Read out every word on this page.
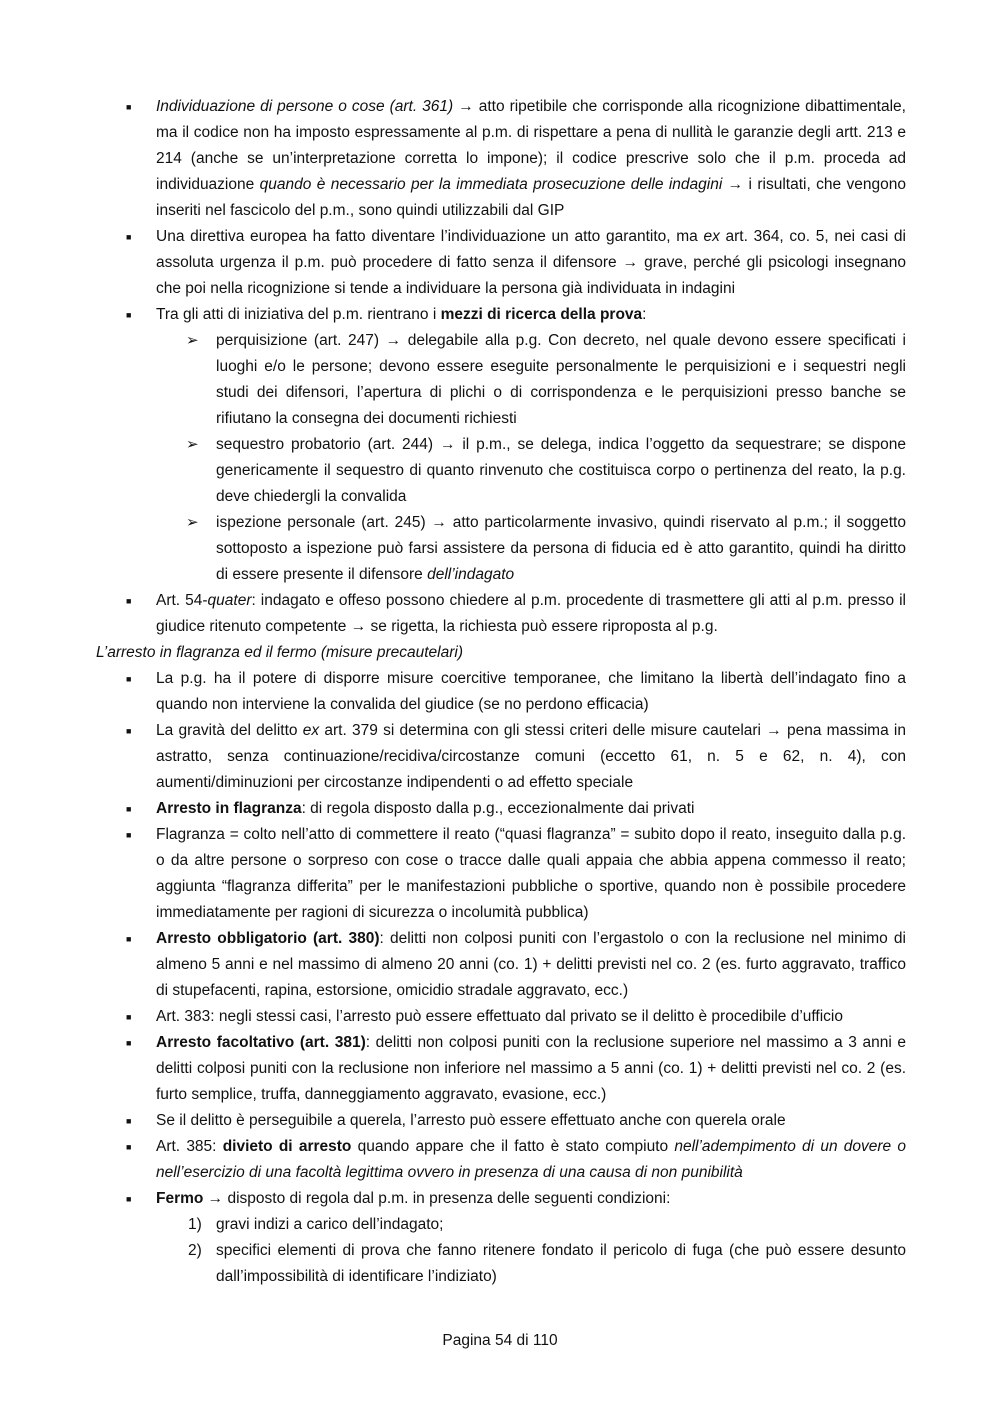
■ Individuazione di persone o cose (art. 361) → atto ripetibile che corrisponde alla ricognizione dibattimentale, ma il codice non ha imposto espressamente al p.m. di rispettare a pena di nullità le garanzie degli artt. 213 e 214 (anche se un’interpretazione corretta lo impone); il codice prescrive solo che il p.m. proceda ad individuazione quando è necessario per la immediata prosecuzione delle indagini → i risultati, che vengono inseriti nel fascicolo del p.m., sono quindi utilizzabili dal GIP
■ Una direttiva europea ha fatto diventare l’individuazione un atto garantito, ma ex art. 364, co. 5, nei casi di assoluta urgenza il p.m. può procedere di fatto senza il difensore → grave, perché gli psicologi insegnano che poi nella ricognizione si tende a individuare la persona già individuata in indagini
■ Tra gli atti di iniziativa del p.m. rientrano i mezzi di ricerca della prova:
➢ perquisizione (art. 247) → delegabile alla p.g. Con decreto, nel quale devono essere specificati i luoghi e/o le persone; devono essere eseguite personalmente le perquisizioni e i sequestri negli studi dei difensori, l’apertura di plichi o di corrispondenza e le perquisizioni presso banche se rifiutano la consegna dei documenti richiesti
➢ sequestro probatorio (art. 244) → il p.m., se delega, indica l’oggetto da sequestrare; se dispone genericamente il sequestro di quanto rinvenuto che costituisca corpo o pertinenza del reato, la p.g. deve chiedergli la convalida
➢ ispezione personale (art. 245) → atto particolarmente invasivo, quindi riservato al p.m.; il soggetto sottoposto a ispezione può farsi assistere da persona di fiducia ed è atto garantito, quindi ha diritto di essere presente il difensore dell’indagato
■ Art. 54-quater: indagato e offeso possono chiedere al p.m. procedente di trasmettere gli atti al p.m. presso il giudice ritenuto competente → se rigetta, la richiesta può essere riproposta al p.g.
L’arresto in flagranza ed il fermo (misure precautelari)
■ La p.g. ha il potere di disporre misure coercitive temporanee, che limitano la libertà dell’indagato fino a quando non interviene la convalida del giudice (se no perdono efficacia)
■ La gravità del delitto ex art. 379 si determina con gli stessi criteri delle misure cautelari → pena massima in astratto, senza continuazione/recidiva/circostanze comuni (eccetto 61, n. 5 e 62, n. 4), con aumenti/diminuzioni per circostanze indipendenti o ad effetto speciale
■ Arresto in flagranza: di regola disposto dalla p.g., eccezionalmente dai privati
■ Flagranza = colto nell’atto di commettere il reato (“quasi flagranza” = subito dopo il reato, inseguito dalla p.g. o da altre persone o sorpreso con cose o tracce dalle quali appaia che abbia appena commesso il reato; aggiunta “flagranza differita” per le manifestazioni pubbliche o sportive, quando non è possibile procedere immediatamente per ragioni di sicurezza o incolumità pubblica)
■ Arresto obbligatorio (art. 380): delitti non colposi puniti con l’ergastolo o con la reclusione nel minimo di almeno 5 anni e nel massimo di almeno 20 anni (co. 1) + delitti previsti nel co. 2 (es. furto aggravato, traffico di stupefacenti, rapina, estorsione, omicidio stradale aggravato, ecc.)
■ Art. 383: negli stessi casi, l’arresto può essere effettuato dal privato se il delitto è procedibile d’ufficio
■ Arresto facoltativo (art. 381): delitti non colposi puniti con la reclusione superiore nel massimo a 3 anni e delitti colposi puniti con la reclusione non inferiore nel massimo a 5 anni (co. 1) + delitti previsti nel co. 2 (es. furto semplice, truffa, danneggiamento aggravato, evasione, ecc.)
■ Se il delitto è perseguibile a querela, l’arresto può essere effettuato anche con querela orale
■ Art. 385: divieto di arresto quando appare che il fatto è stato compiuto nell’adempimento di un dovere o nell’esercizio di una facoltà legittima ovvero in presenza di una causa di non punibilità
■ Fermo → disposto di regola dal p.m. in presenza delle seguenti condizioni:
1) gravi indizi a carico dell’indagato;
2) specifici elementi di prova che fanno ritenere fondato il pericolo di fuga (che può essere desunto dall’impossibilità di identificare l’indiziato)
Pagina 54 di 110
